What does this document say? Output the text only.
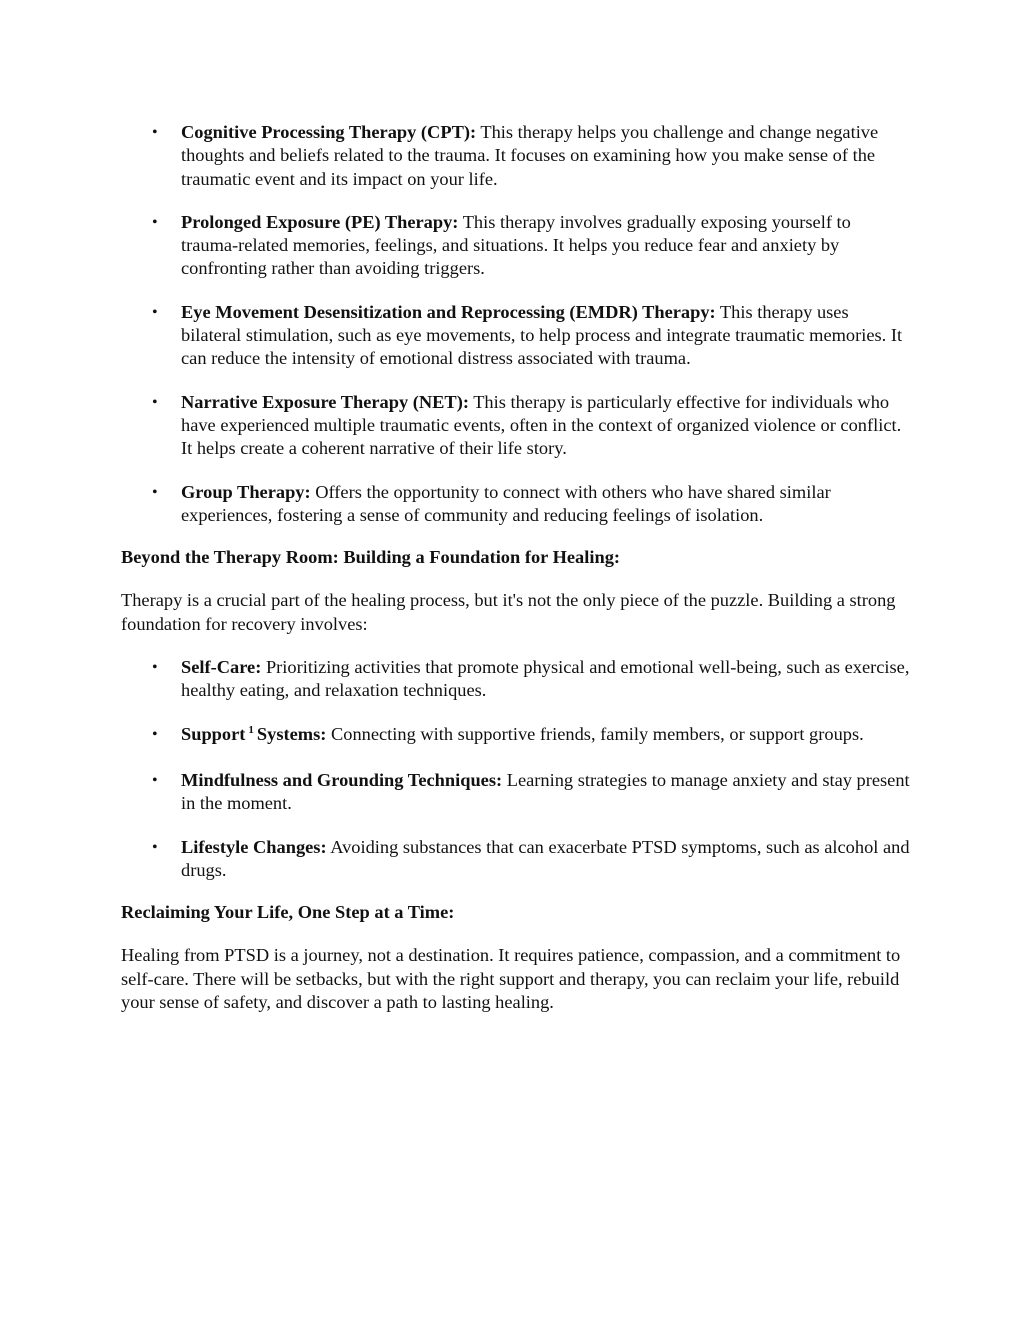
• Cognitive Processing Therapy (CPT): This therapy helps you challenge and change negative thoughts and beliefs related to the trauma. It focuses on examining how you make sense of the traumatic event and its impact on your life.
• Prolonged Exposure (PE) Therapy: This therapy involves gradually exposing yourself to trauma-related memories, feelings, and situations. It helps you reduce fear and anxiety by confronting rather than avoiding triggers.
• Eye Movement Desensitization and Reprocessing (EMDR) Therapy: This therapy uses bilateral stimulation, such as eye movements, to help process and integrate traumatic memories. It can reduce the intensity of emotional distress associated with trauma.
• Narrative Exposure Therapy (NET): This therapy is particularly effective for individuals who have experienced multiple traumatic events, often in the context of organized violence or conflict. It helps create a coherent narrative of their life story.
• Group Therapy: Offers the opportunity to connect with others who have shared similar experiences, fostering a sense of community and reducing feelings of isolation.
Beyond the Therapy Room: Building a Foundation for Healing:

Therapy is a crucial part of the healing process, but it's not the only piece of the puzzle. Building a strong foundation for recovery involves:

• Self-Care: Prioritizing activities that promote physical and emotional well-being, such as exercise, healthy eating, and relaxation techniques.
• Support $^1$ Systems: Connecting with supportive friends, family members, or support groups.
• Mindfulness and Grounding Techniques: Learning strategies to manage anxiety and stay present in the moment.
• Lifestyle Changes: Avoiding substances that can exacerbate PTSD symptoms, such as alcohol and drugs.
Reclaiming Your Life, One Step at a Time:

Healing from PTSD is a journey, not a destination. It requires patience, compassion, and a commitment to self-care. There will be setbacks, but with the right support and therapy, you can reclaim your life, rebuild your sense of safety, and discover a path to lasting healing.
